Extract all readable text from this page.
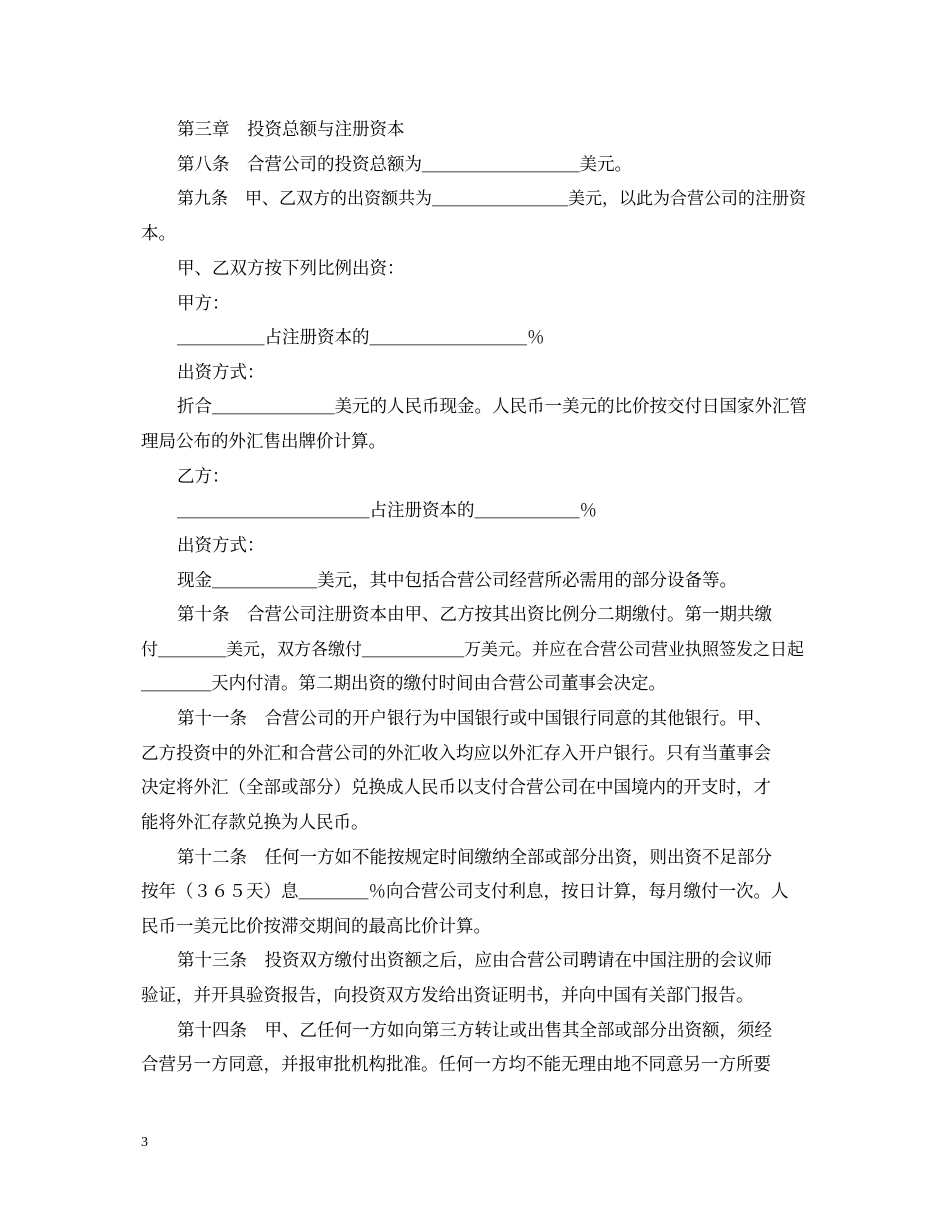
第三章　投资总额与注册资本
第八条　合营公司的投资总额为＿＿＿＿＿＿＿＿＿美元。
第九条　甲、乙双方的出资额共为＿＿＿＿＿＿＿＿美元，以此为合营公司的注册资
本。
甲、乙双方按下列比例出资：
甲方：
＿＿＿＿＿占注册资本的＿＿＿＿＿＿＿＿＿％
出资方式：
折合＿＿＿＿＿＿＿美元的人民币现金。人民币一美元的比价按交付日国家外汇管
理局公布的外汇售出牌价计算。
乙方：
＿＿＿＿＿＿＿＿＿＿＿占注册资本的＿＿＿＿＿＿％
出资方式：
现金＿＿＿＿＿＿美元，其中包括合营公司经营所必需用的部分设备等。
第十条　合营公司注册资本由甲、乙方按其出资比例分二期缴付。第一期共缴
付＿＿＿＿美元，双方各缴付＿＿＿＿＿＿万美元。并应在合营公司营业执照签发之日起
＿＿＿＿天内付清。第二期出资的缴付时间由合营公司董事会决定。
第十一条　合营公司的开户银行为中国银行或中国银行同意的其他银行。甲、
乙方投资中的外汇和合营公司的外汇收入均应以外汇存入开户银行。只有当董事会
决定将外汇（全部或部分）兑换成人民币以支付合营公司在中国境内的开支时，才
能将外汇存款兑换为人民币。
第十二条　任何一方如不能按规定时间缴纳全部或部分出资，则出资不足部分
按年（３６５天）息＿＿＿＿％向合营公司支付利息，按日计算，每月缴付一次。人
民币一美元比价按滞交期间的最高比价计算。
第十三条　投资双方缴付出资额之后，应由合营公司聘请在中国注册的会议师
验证，并开具验资报告，向投资双方发给出资证明书，并向中国有关部门报告。
第十四条　甲、乙任何一方如向第三方转让或出售其全部或部分出资额，须经
合营另一方同意，并报审批机构批准。任何一方均不能无理由地不同意另一方所要
3
